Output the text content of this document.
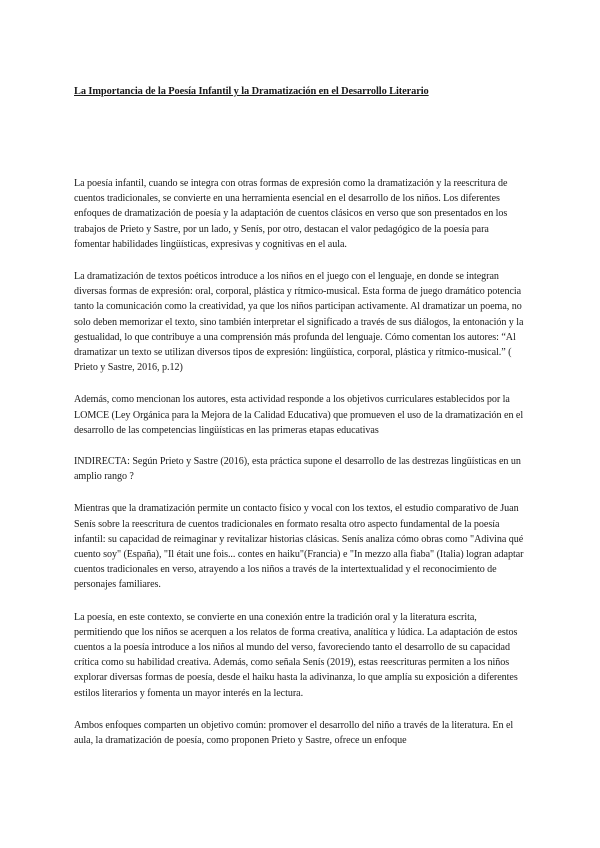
La Importancia de la Poesía Infantil y la Dramatización en el Desarrollo Literario

La poesía infantil, cuando se integra con otras formas de expresión como la dramatización y la reescritura de cuentos tradicionales, se convierte en una herramienta esencial en el desarrollo de los niños. Los diferentes enfoques de dramatización de poesía y la adaptación de cuentos clásicos en verso que son presentados en los trabajos de Prieto y Sastre, por un lado, y Senís, por otro, destacan el valor pedagógico de la poesía para fomentar habilidades lingüísticas, expresivas y cognitivas en el aula.

La dramatización de textos poéticos introduce a los niños en el juego con el lenguaje, en donde se integran diversas formas de expresión: oral, corporal, plástica y rítmico-musical. Esta forma de juego dramático potencia tanto la comunicación como la creatividad, ya que los niños participan activamente. Al dramatizar un poema, no solo deben memorizar el texto, sino también interpretar el significado a través de sus diálogos, la entonación y la gestualidad, lo que contribuye a una comprensión más profunda del lenguaje. Cómo comentan los autores: “Al dramatizar un texto se utilizan diversos tipos de expresión: lingüística, corporal, plástica y rítmico-musical.” ( Prieto y Sastre, 2016, p.12)

Además, como mencionan los autores, esta actividad responde a los objetivos curriculares establecidos por la LOMCE (Ley Orgánica para la Mejora de la Calidad Educativa) que promueven el uso de la dramatización en el desarrollo de las competencias lingüísticas en las primeras etapas educativas

INDIRECTA: Según Prieto y Sastre (2016), esta práctica supone el desarrollo de las destrezas lingüísticas en un amplio rango ?

Mientras que la dramatización permite un contacto físico y vocal con los textos, el estudio comparativo de Juan Senís sobre la reescritura de cuentos tradicionales en formato resalta otro aspecto fundamental de la poesía infantil: su capacidad de reimaginar y revitalizar historias clásicas. Senís analiza cómo obras como "Adivina qué cuento soy" (España), "Il était une fois... contes en haiku"(Francia) e "In mezzo alla fiaba" (Italia) logran adaptar cuentos tradicionales en verso, atrayendo a los niños a través de la intertextualidad y el reconocimiento de personajes familiares.

La poesía, en este contexto, se convierte en una conexión entre la tradición oral y la literatura escrita, permitiendo que los niños se acerquen a los relatos de forma creativa, analítica y lúdica. La adaptación de estos cuentos a la poesía introduce a los niños al mundo del verso, favoreciendo tanto el desarrollo de su capacidad crítica como su habilidad creativa. Además, como señala Senís (2019), estas reescrituras permiten a los niños explorar diversas formas de poesía, desde el haiku hasta la adivinanza, lo que amplía su exposición a diferentes estilos literarios y fomenta un mayor interés en la lectura.

Ambos enfoques comparten un objetivo común: promover el desarrollo del niño a través de la literatura. En el aula, la dramatización de poesía, como proponen Prieto y Sastre, ofrece un enfoque
